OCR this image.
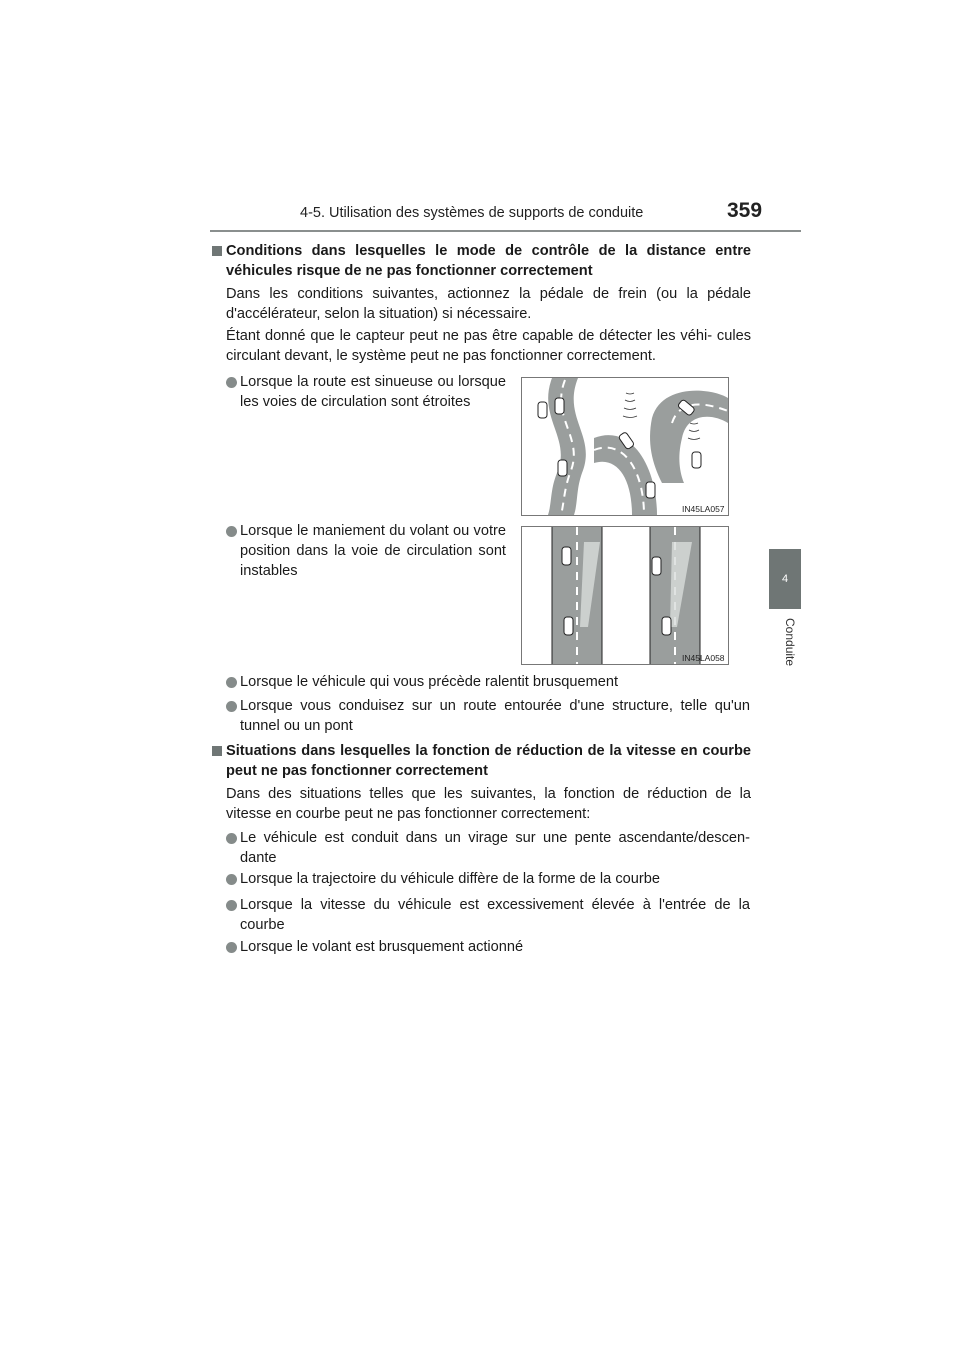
4-5. Utilisation des systèmes de supports de conduite	359
4
Conduite
Conditions dans lesquelles le mode de contrôle de la distance entre véhicules risque de ne pas fonctionner correctement
Dans les conditions suivantes, actionnez la pédale de frein (ou la pédale d'accélérateur, selon la situation) si nécessaire.
Étant donné que le capteur peut ne pas être capable de détecter les véhi- cules circulant devant, le système peut ne pas fonctionner correctement.
Lorsque la route est sinueuse ou lorsque les voies de circulation sont étroites
Lorsque le maniement du volant ou votre position dans la voie de circulation sont instables
Lorsque le véhicule qui vous précède ralentit brusquement
Lorsque vous conduisez sur un route entourée d'une structure, telle qu'un tunnel ou un pont
IN45LA057
IN45LA058
Situations dans lesquelles la fonction de réduction de la vitesse en courbe peut ne pas fonctionner correctement
Dans des situations telles que les suivantes, la fonction de réduction de la vitesse en courbe peut ne pas fonctionner correctement:
Le véhicule est conduit dans un virage sur une pente ascendante/descen- dante
Lorsque la trajectoire du véhicule diffère de la forme de la courbe
Lorsque la vitesse du véhicule est excessivement élevée à l'entrée de la courbe
Lorsque le volant est brusquement actionné
